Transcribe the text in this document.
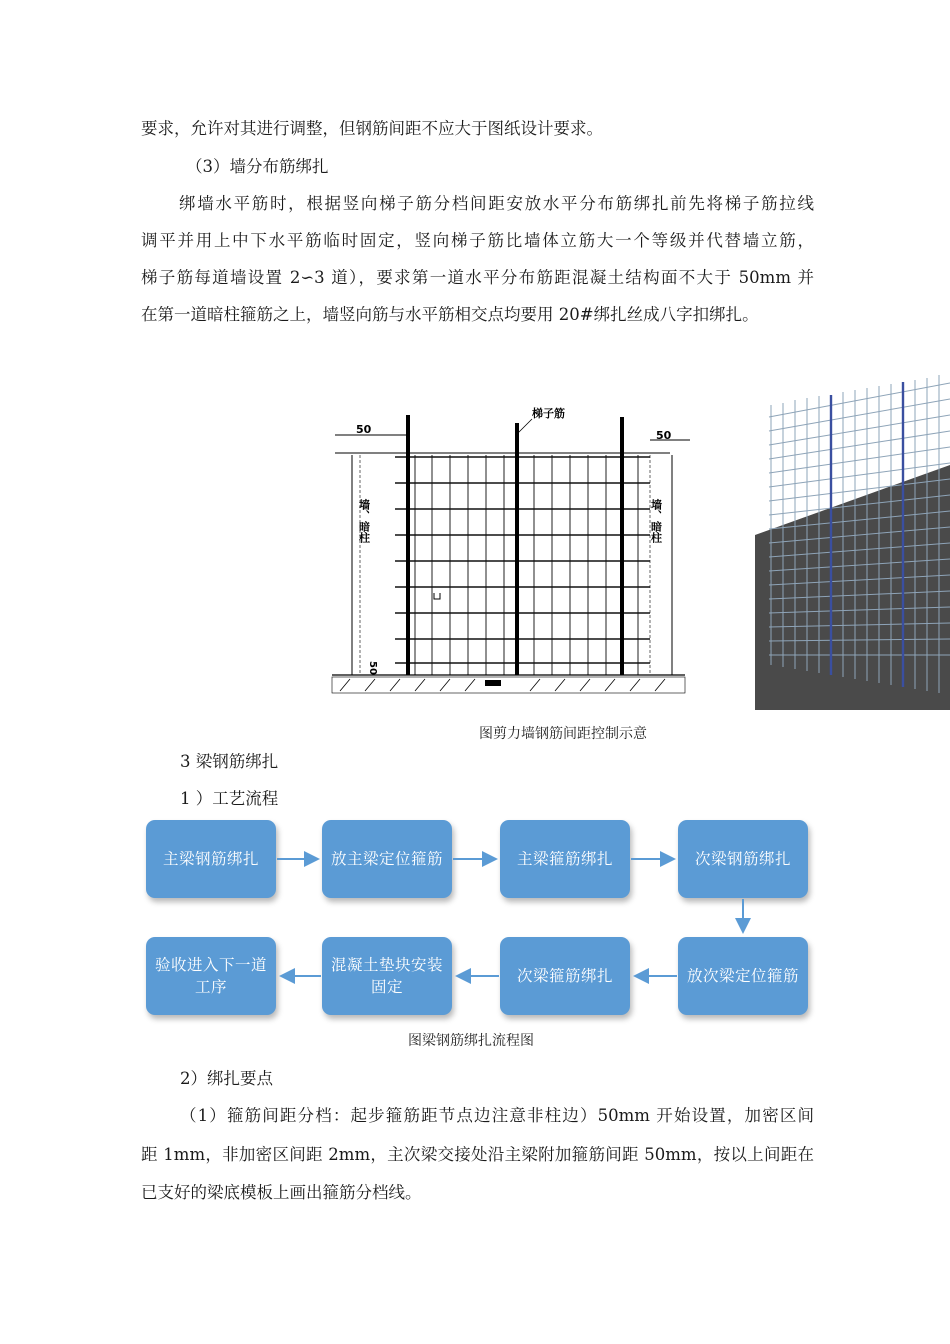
要求，允许对其进行调整，但钢筋间距不应大于图纸设计要求。
（3）墙分布筋绑扎
绑墙水平筋时，根据竖向梯子筋分档间距安放水平分布筋绑扎前先将梯子筋拉线
调平并用上中下水平筋临时固定，竖向梯子筋比墙体立筋大一个等级并代替墙立筋，
梯子筋每道墙设置 2∽3 道），要求第一道水平分布筋距混凝土结构面不大于 50mm 并
在第一道暗柱箍筋之上，墙竖向筋与水平筋相交点均要用 20#绑扎丝成八字扣绑扎。
50	50
梯子筋
墙、暗柱
50
墙、暗柱
图剪力墙钢筋间距控制示意
3 梁钢筋绑扎
1 ）工艺流程
主梁钢筋绑扎	放主梁定位箍筋	主梁箍筋绑扎	次梁钢筋绑扎
放次梁定位箍筋
次梁箍筋绑扎
混凝土垫块安装固定
验收进入下一道工序
图梁钢筋绑扎流程图
2）绑扎要点
（1）箍筋间距分档：起步箍筋距节点边注意非柱边）50mm 开始设置，加密区间
距 1mm，非加密区间距 2mm，主次梁交接处沿主梁附加箍筋间距 50mm，按以上间距在
已支好的梁底模板上画出箍筋分档线。
